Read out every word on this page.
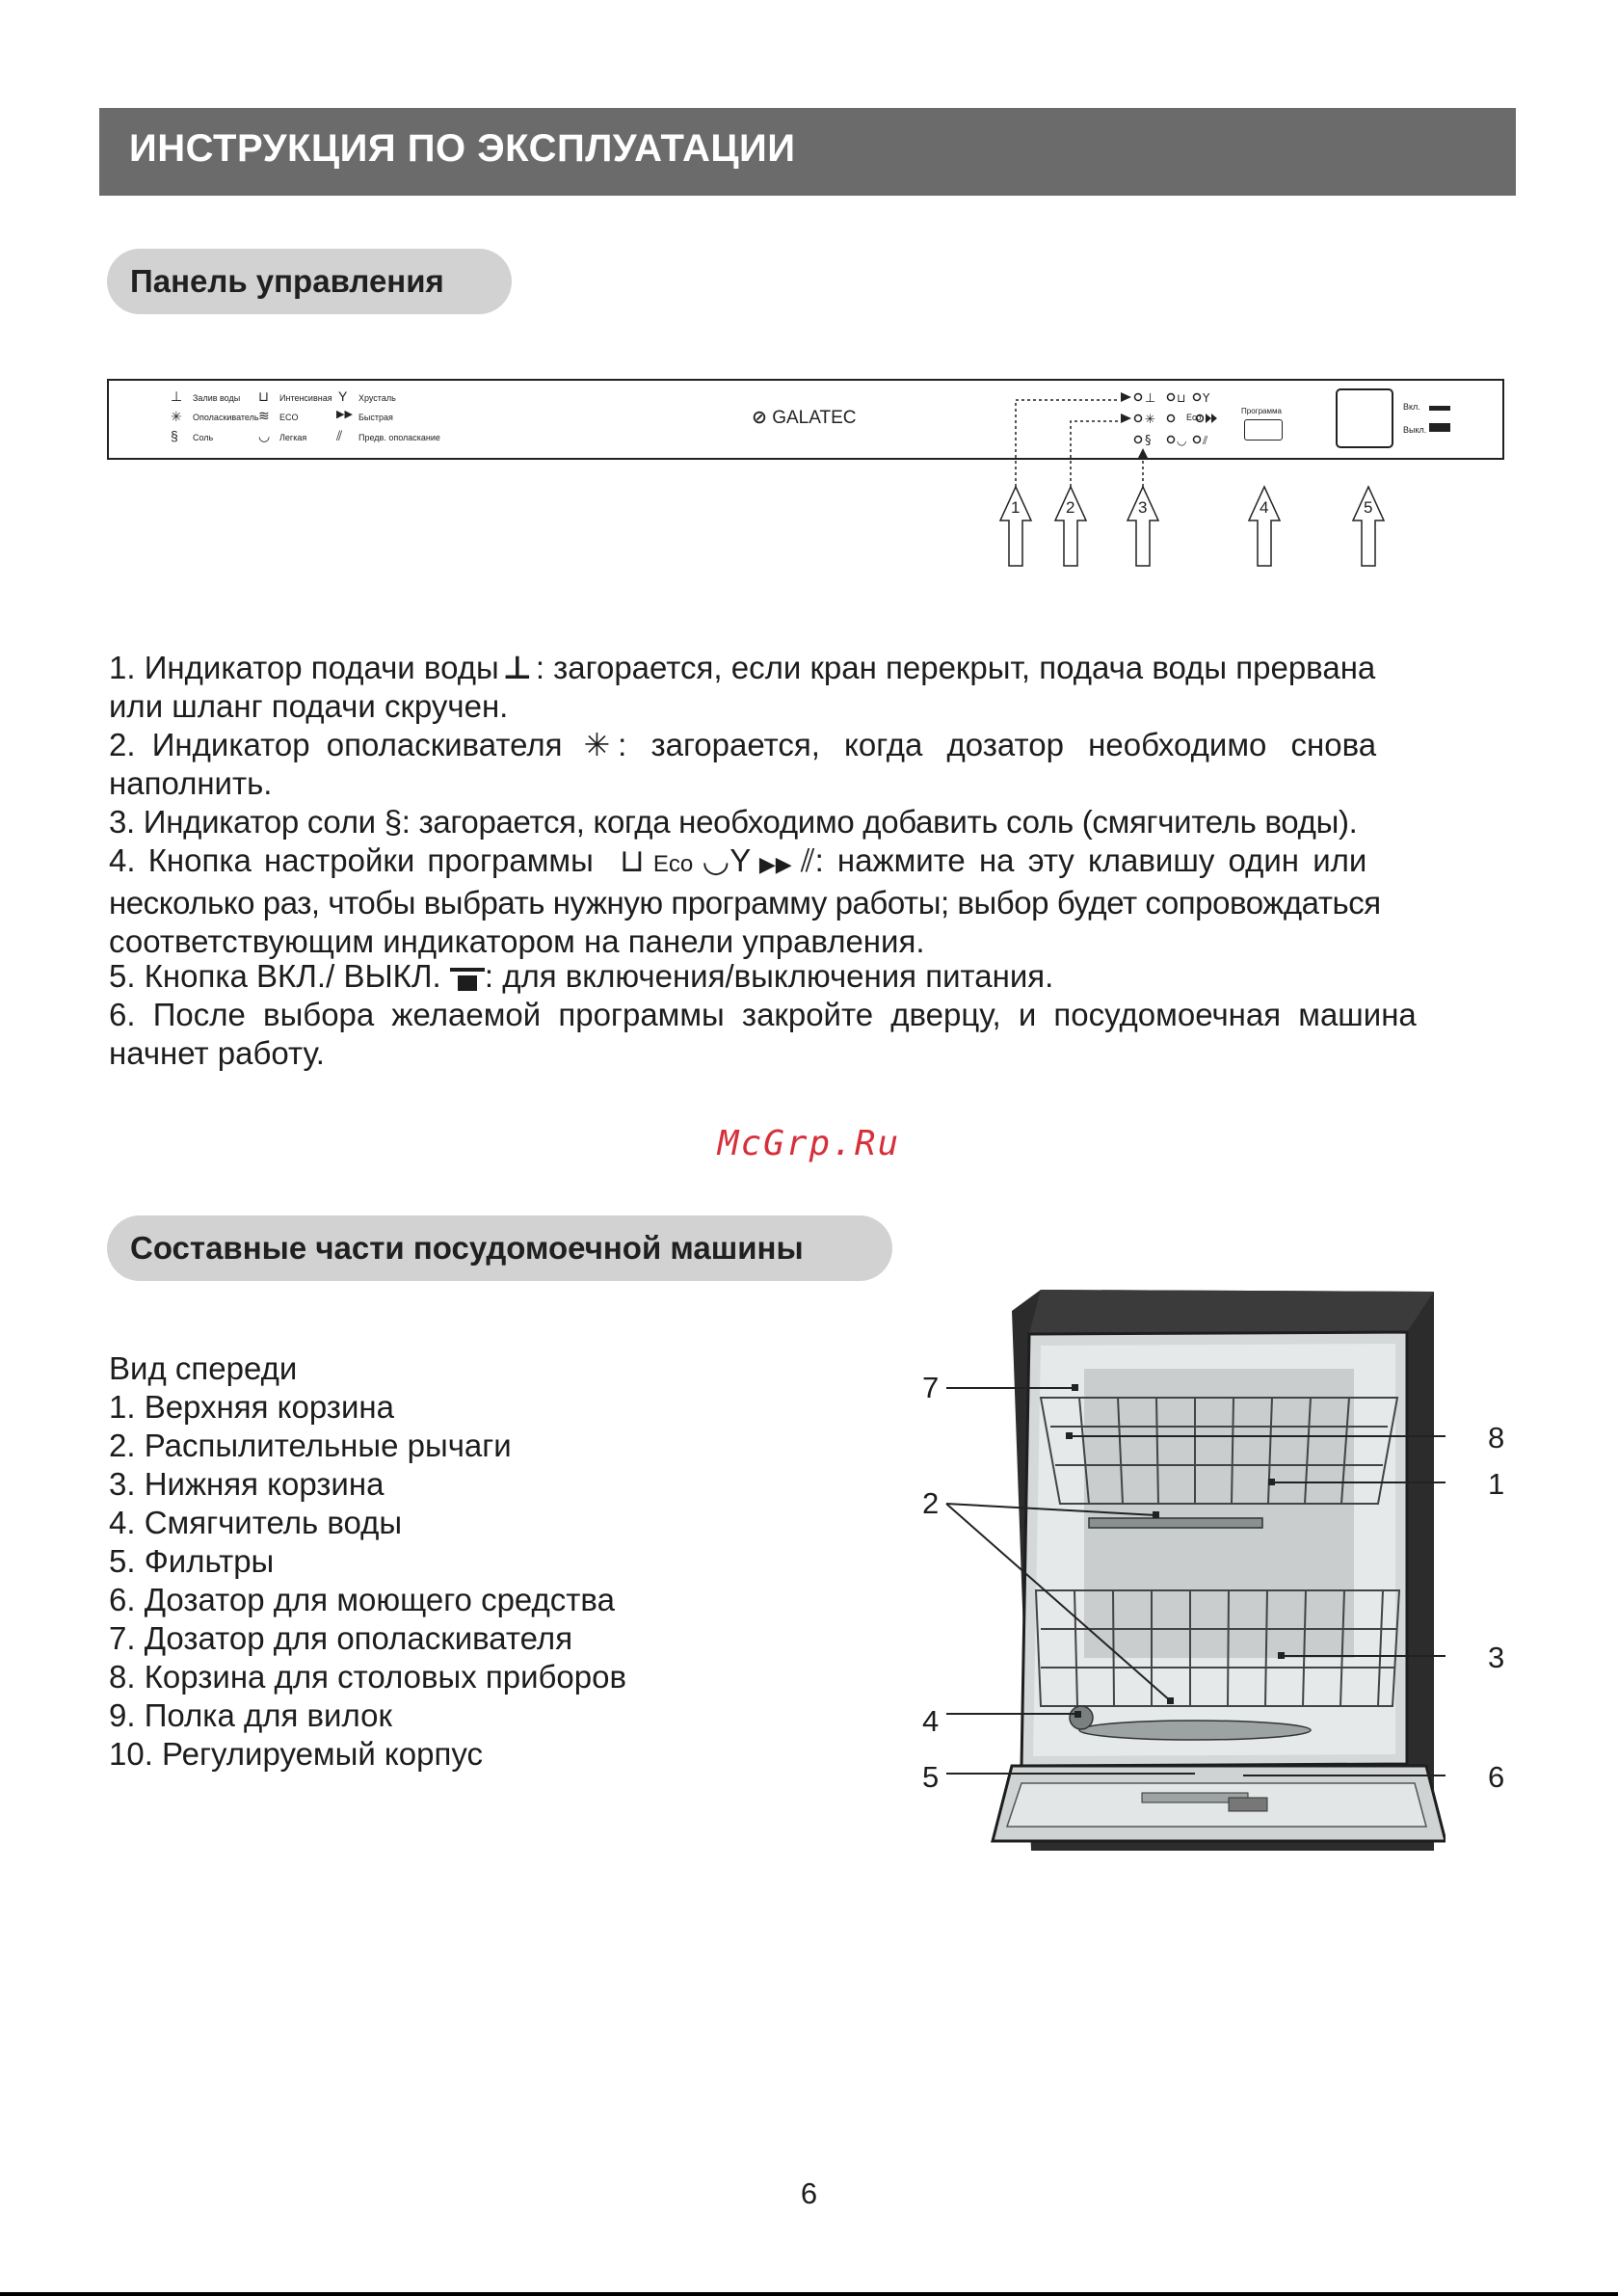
ИНСТРУКЦИЯ ПО ЭКСПЛУАТАЦИИ
Панель управления
⊥ Залив воды
✳ Ополаскиватель
§ Соль
⊔ Интенсивная
≋ ECO
◡ Легкая
Y Хрусталь
▶▶ Быстрая
⫽ Предв. ополаскание
⊥ ⊔ Y
✳
§ ◡ ⫽
Eco
Программа	Вкл.
Выкл.
⊘ GALATEC
1	2	3	4	5
1. Индикатор подачи воды ⊥ : загорается, если кран перекрыт, подача воды прервана
или шланг подачи скручен.
2. Индикатор ополаскивателя ✳ : загорается, когда дозатор необходимо снова
наполнить.
3. Индикатор соли §: загорается, когда необходимо добавить соль (смягчитель воды).
4. Кнопка настройки программы ⊔ Eco ◡Y ▶▶ ⫽: нажмите на эту клавишу один или
несколько раз, чтобы выбрать нужную программу работы; выбор будет сопровождаться
соответствующим индикатором на панели управления.
5. Кнопка ВКЛ./ ВЫКЛ. : для включения/выключения питания.
6. После выбора желаемой программы закройте дверцу, и посудомоечная машина
начнет работу.
McGrp.Ru
Составные части посудомоечной машины
Вид спереди
1. Верхняя корзина
2. Распылительные рычаги
3. Нижняя корзина
4. Смягчитель воды
5. Фильтры
6. Дозатор для моющего средства
7. Дозатор для ополаскивателя
8. Корзина для столовых приборов
9. Полка для вилок
10. Регулируемый корпус
7
8
2
1
3
4
5	6
6
